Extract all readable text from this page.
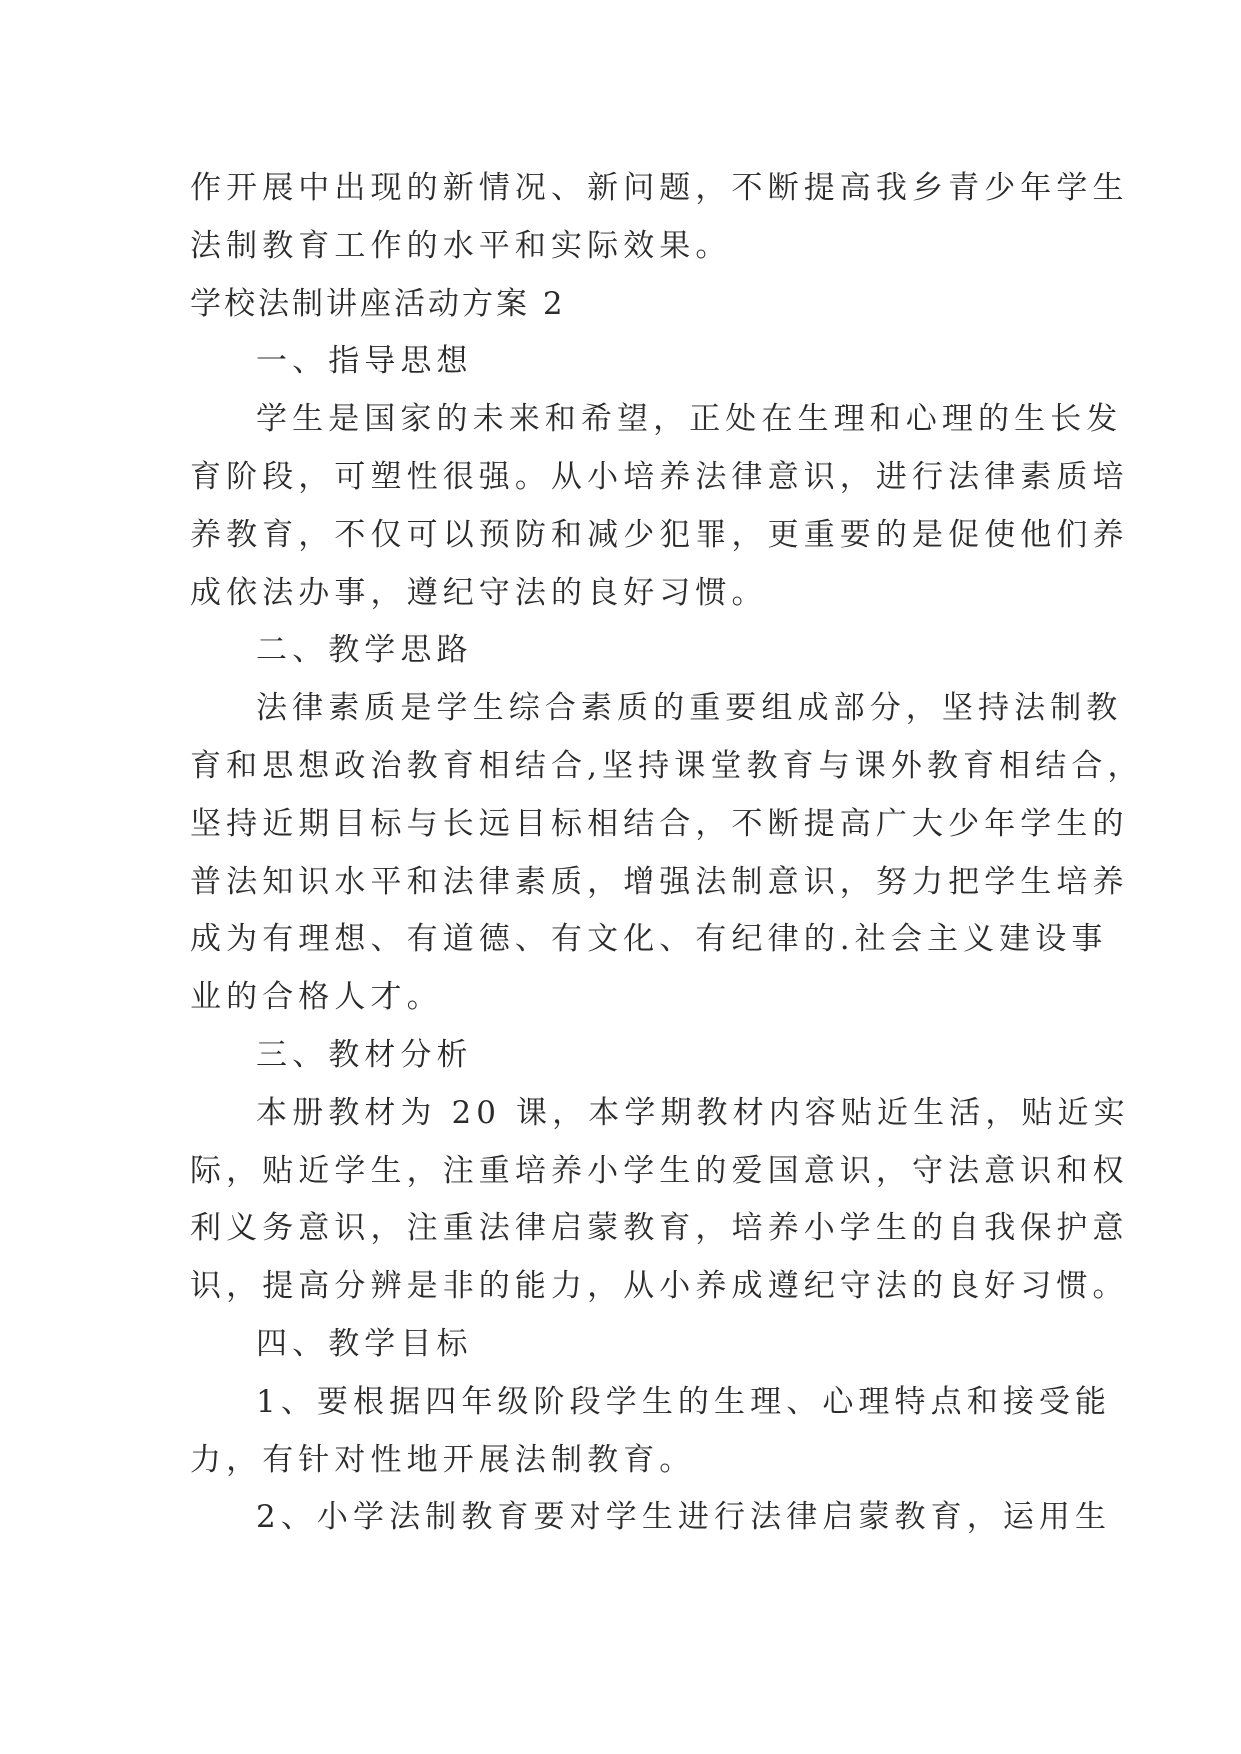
作开展中出现的新情况、新问题，不断提高我乡青少年学生

法制教育工作的水平和实际效果。

学校法制讲座活动方案 2

一、指导思想

学生是国家的未来和希望，正处在生理和心理的生长发

育阶段，可塑性很强。从小培养法律意识，进行法律素质培

养教育，不仅可以预防和减少犯罪，更重要的是促使他们养

成依法办事，遵纪守法的良好习惯。

二、教学思路

法律素质是学生综合素质的重要组成部分，坚持法制教

育和思想政治教育相结合,坚持课堂教育与课外教育相结合，

坚持近期目标与长远目标相结合，不断提高广大少年学生的

普法知识水平和法律素质，增强法制意识，努力把学生培养

成为有理想、有道德、有文化、有纪律的.社会主义建设事

业的合格人才。

三、教材分析

本册教材为 20 课，本学期教材内容贴近生活，贴近实

际，贴近学生，注重培养小学生的爱国意识，守法意识和权

利义务意识，注重法律启蒙教育，培养小学生的自我保护意

识，提高分辨是非的能力，从小养成遵纪守法的良好习惯。

四、教学目标

1、要根据四年级阶段学生的生理、心理特点和接受能

力，有针对性地开展法制教育。

2、小学法制教育要对学生进行法律启蒙教育，运用生
